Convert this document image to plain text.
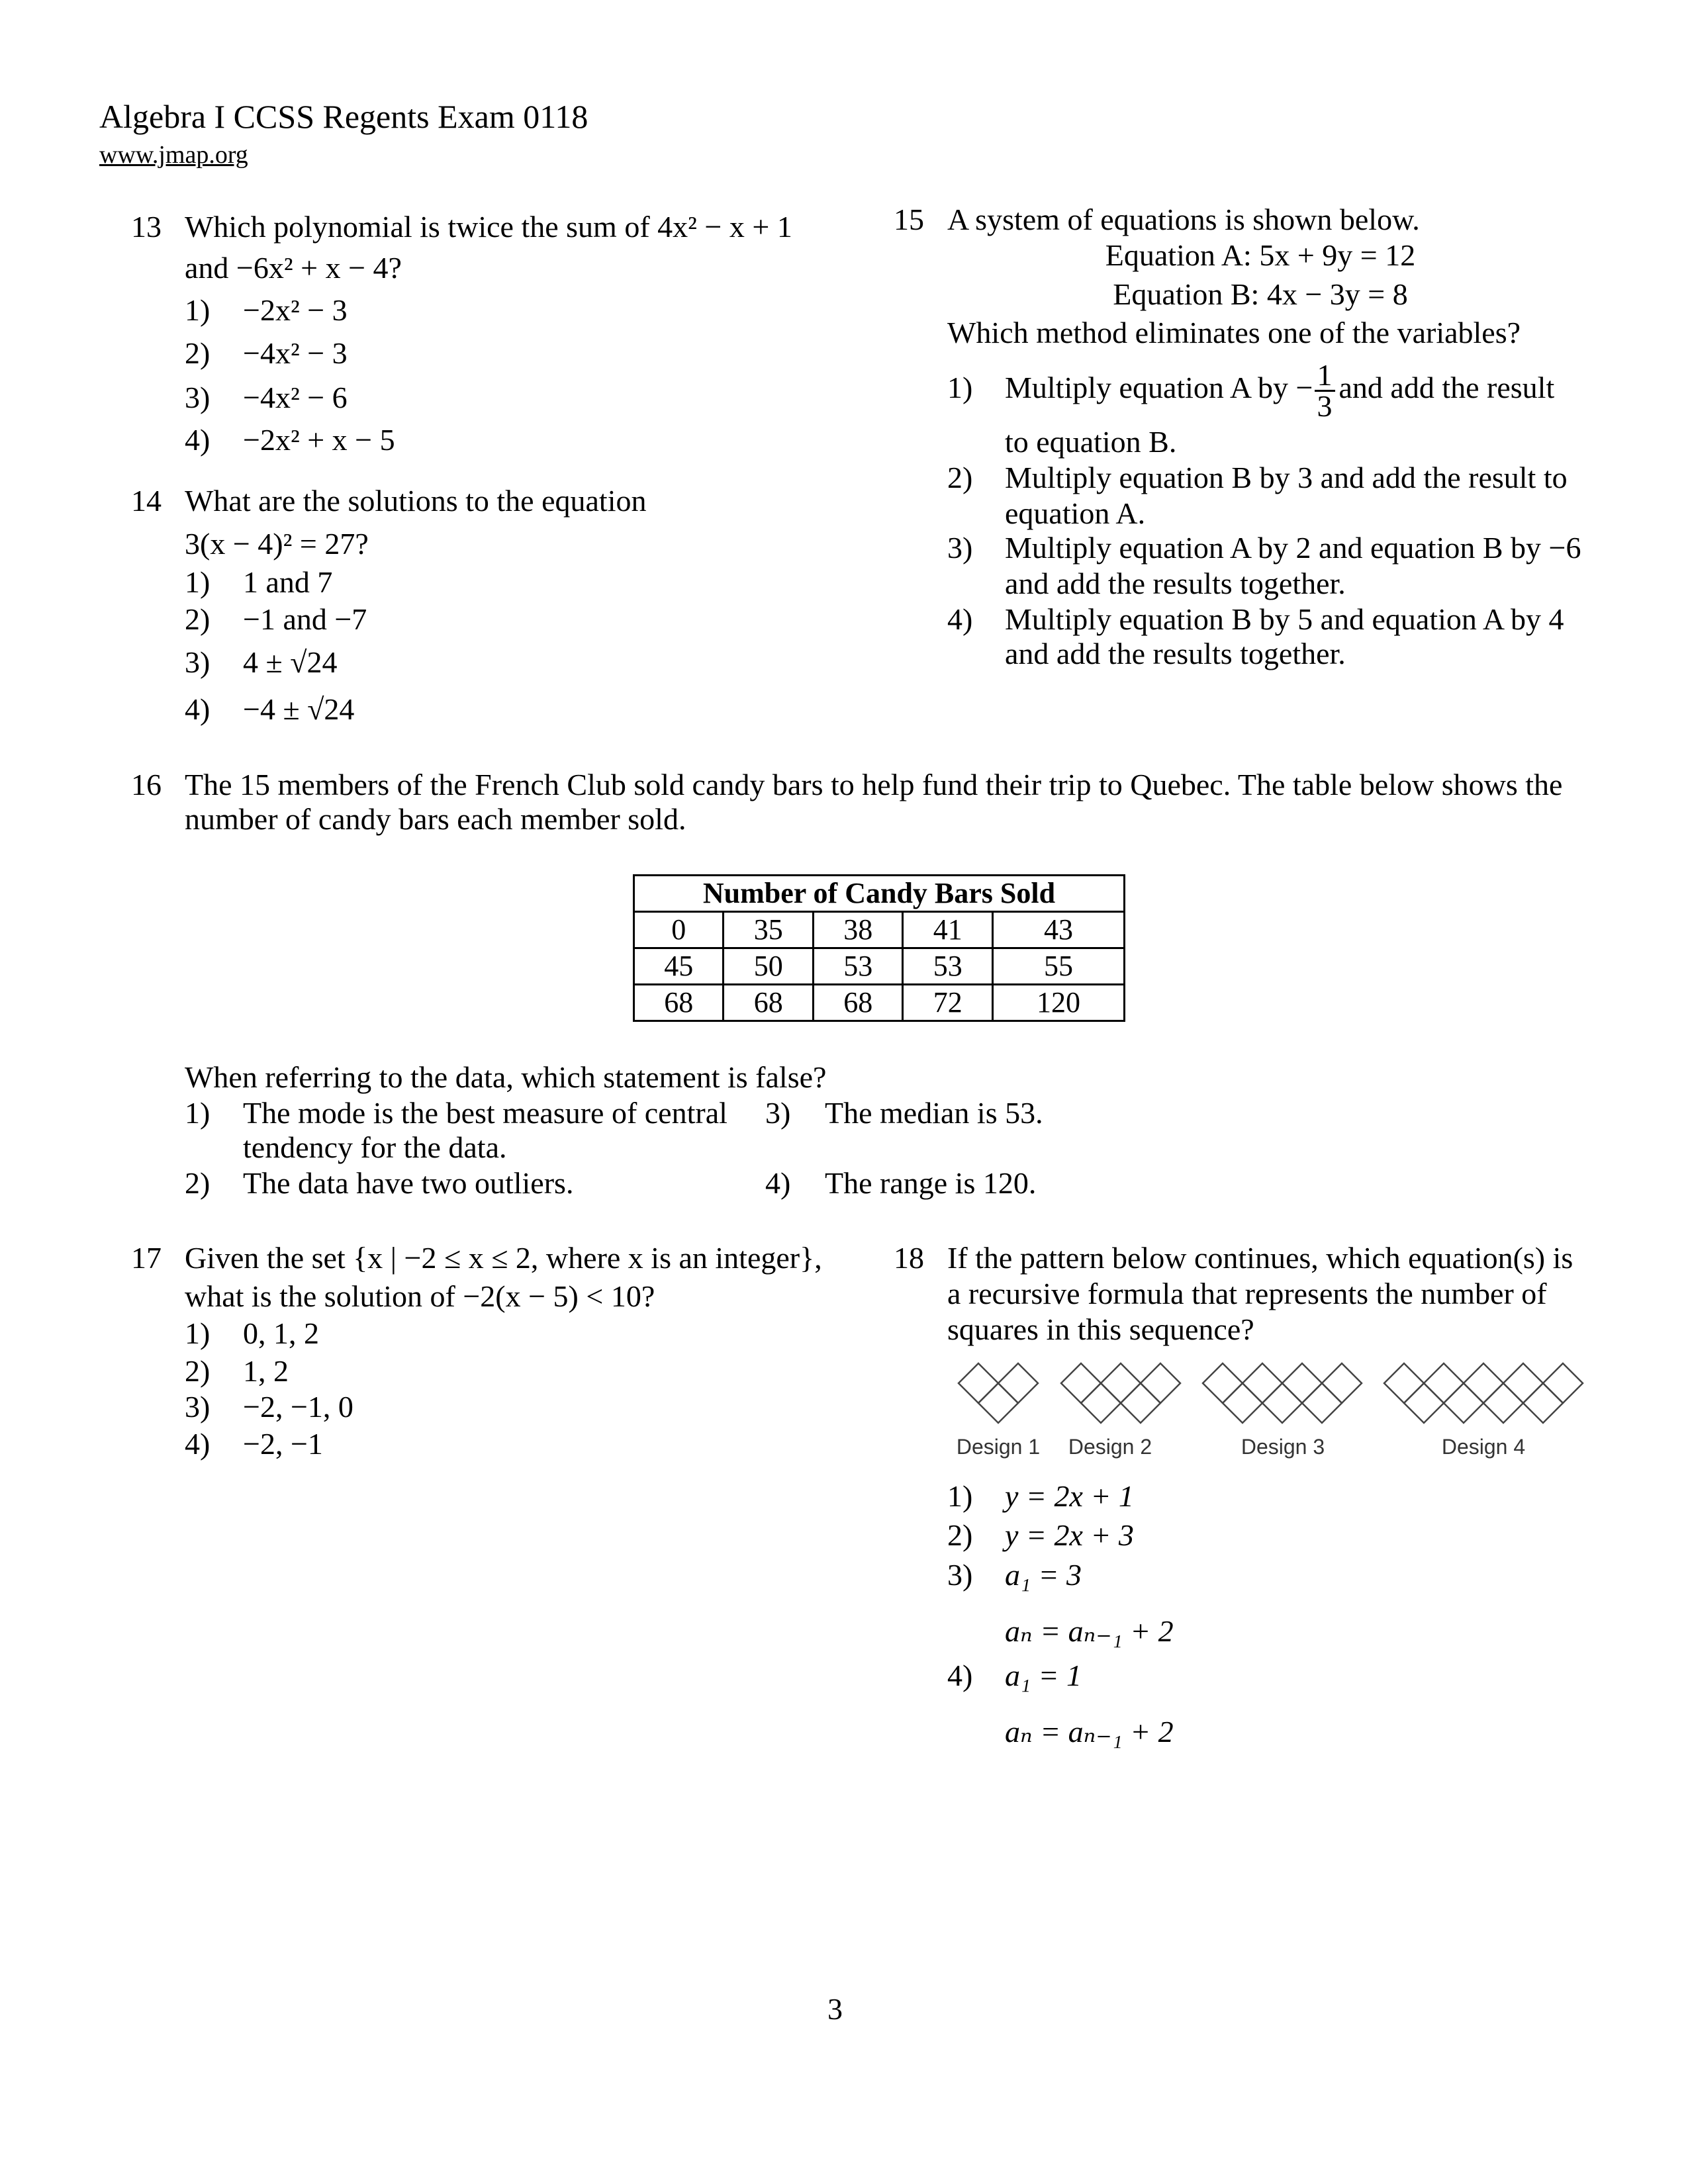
Algebra I CCSS Regents Exam 0118
www.jmap.org
13 Which polynomial is twice the sum of 4x² − x + 1
and −6x² + x − 4?
1) −2x² − 3
2) −4x² − 3
3) −4x² − 6
4) −2x² + x − 5
14 What are the solutions to the equation
3(x − 4)² = 27?
1) 1 and 7
2) −1 and −7
3) 4 ± √24
4) −4 ± √24
15 A system of equations is shown below.
Equation A: 5x + 9y = 12
Equation B: 4x − 3y = 8
Which method eliminates one of the variables?
1) Multiply equation A by − $\frac{1}{3}$ and add the result
to equation B.
2) Multiply equation B by 3 and add the result to
equation A.
3) Multiply equation A by 2 and equation B by −6
and add the results together.
4) Multiply equation B by 5 and equation A by 4
and add the results together.
16 The 15 members of the French Club sold candy bars to help fund their trip to Quebec. The table below shows the
number of candy bars each member sold.
Number of Candy Bars Sold				
0	35	38	41	43
45	50	53	53	55
68	68	68	72	120
When referring to the data, which statement is false?
1) The mode is the best measure of central
tendency for the data.
2) The data have two outliers.
3) The median is 53.
4) The range is 120.
17 Given the set {x | −2 ≤ x ≤ 2, where x is an integer},
what is the solution of −2(x − 5) < 10?
1) 0, 1, 2
2) 1, 2
3) −2, −1, 0
4) −2, −1
18 If the pattern below continues, which equation(s) is
a recursive formula that represents the number of
squares in this sequence?
Design 1 Design 2	Design 3	Design 4
1) y = 2x + 1
2) y = 2x + 3
3) a₁ = 3
aₙ = aₙ₋₁ + 2
4) a₁ = 1
aₙ = aₙ₋₁ + 2
3
